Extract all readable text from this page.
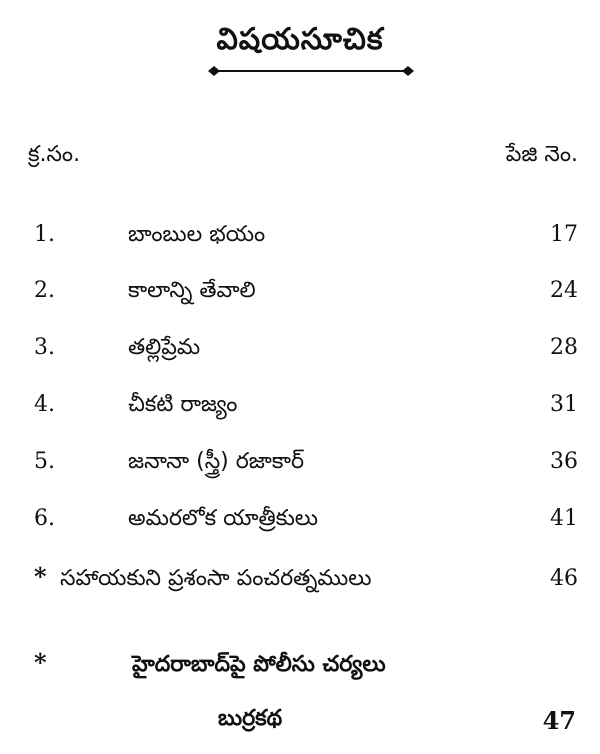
విషయసూచిక
క్ర.సం.	పేజి నెం.
1.	బాంబుల భయం	17
2.	కాలాన్ని తేవాలి	24
3.	తల్లిప్రేమ	28
4.	చీకటి రాజ్యం	31
5.	జనానా (స్త్రీ) రజాకార్	36
6.	అమరలోక యాత్రీకులు	41
* సహాయకుని ప్రశంసా పంచరత్నములు	46
*	హైదరాబాద్‌పై పోలీసు చర్యలు
బుర్రకథ	47
